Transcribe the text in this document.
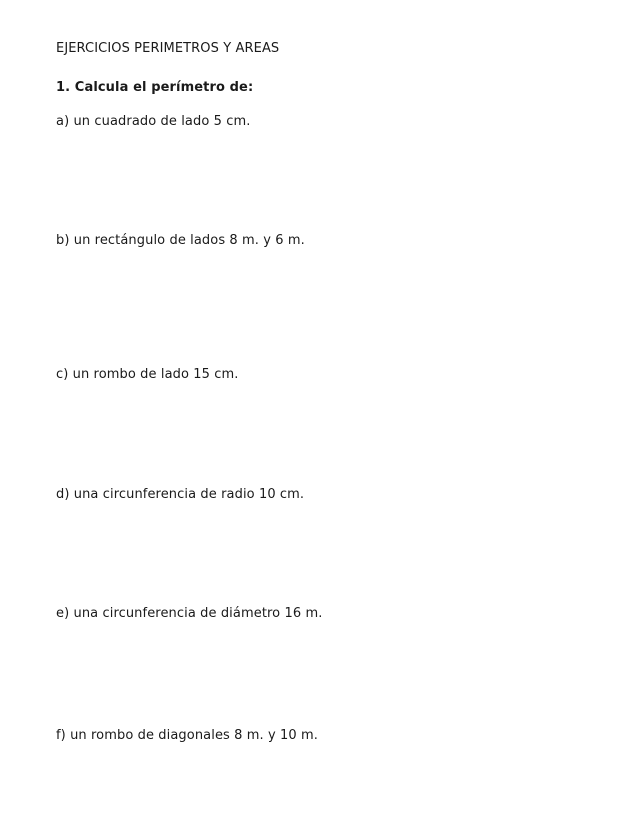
EJERCICIOS PERIMETROS Y AREAS
1. Calcula el perímetro de:
a) un cuadrado de lado 5 cm.
b) un rectángulo de lados 8 m. y 6 m.
c) un rombo de lado 15 cm.
d) una circunferencia de radio 10 cm.
e) una circunferencia de diámetro 16 m.
f) un rombo de diagonales 8 m. y 10 m.
